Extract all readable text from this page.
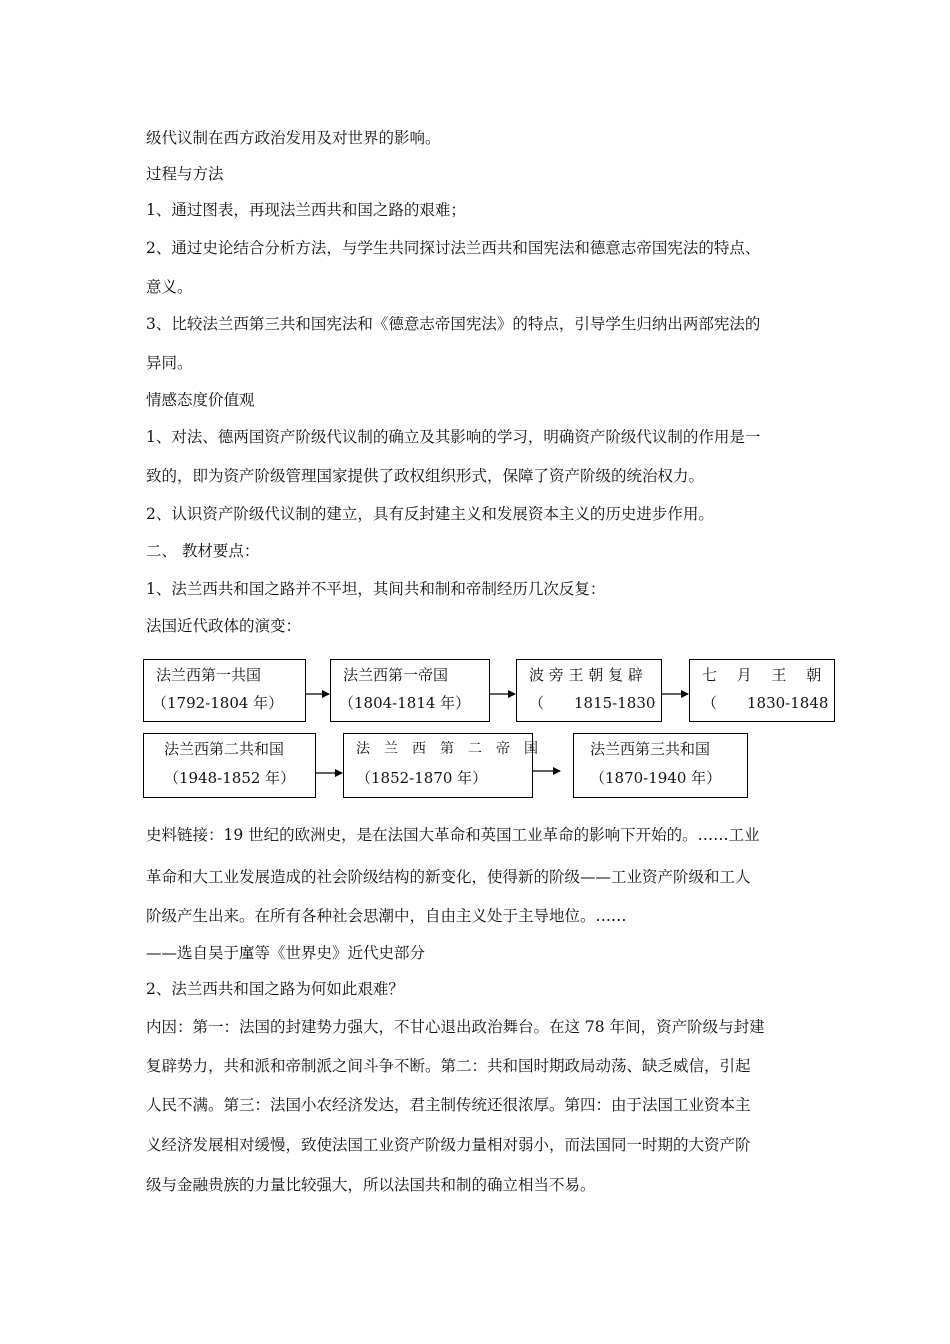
级代议制在西方政治发用及对世界的影响。
过程与方法
1、通过图表，再现法兰西共和国之路的艰难；
2、通过史论结合分析方法，与学生共同探讨法兰西共和国宪法和德意志帝国宪法的特点、
意义。
3、比较法兰西第三共和国宪法和《德意志帝国宪法》的特点，引导学生归纳出两部宪法的
异同。
情感态度价值观
1、对法、德两国资产阶级代议制的确立及其影响的学习，明确资产阶级代议制的作用是一
致的，即为资产阶级管理国家提供了政权组织形式，保障了资产阶级的统治权力。
2、认识资产阶级代议制的建立，具有反封建主义和发展资本主义的历史进步作用。
二、 教材要点：
1、法兰西共和国之路并不平坦，其间共和制和帝制经历几次反复：
法国近代政体的演变：
法兰西第一共国
（1792-1804 年）
法兰西第一帝国
（1804-1814 年）
波 旁 王 朝 复 辟
（　　1815-1830
七　 月　 王　 朝
（　　1830-1848
法兰西第二共和国
（1948-1852 年）
法　兰　西　第　二　帝　国
（1852-1870 年）
法兰西第三共和国
（1870-1940 年）
史料链接：19 世纪的欧洲史，是在法国大革命和英国工业革命的影响下开始的。……工业
革命和大工业发展造成的社会阶级结构的新变化，使得新的阶级——工业资产阶级和工人
阶级产生出来。在所有各种社会思潮中，自由主义处于主导地位。……
——选自吴于廑等《世界史》近代史部分
2、法兰西共和国之路为何如此艰难？
内因：第一：法国的封建势力强大，不甘心退出政治舞台。在这 78 年间，资产阶级与封建
复辟势力，共和派和帝制派之间斗争不断。第二：共和国时期政局动荡、缺乏威信，引起
人民不满。第三：法国小农经济发达，君主制传统还很浓厚。第四：由于法国工业资本主
义经济发展相对缓慢，致使法国工业资产阶级力量相对弱小，而法国同一时期的大资产阶
级与金融贵族的力量比较强大，所以法国共和制的确立相当不易。
